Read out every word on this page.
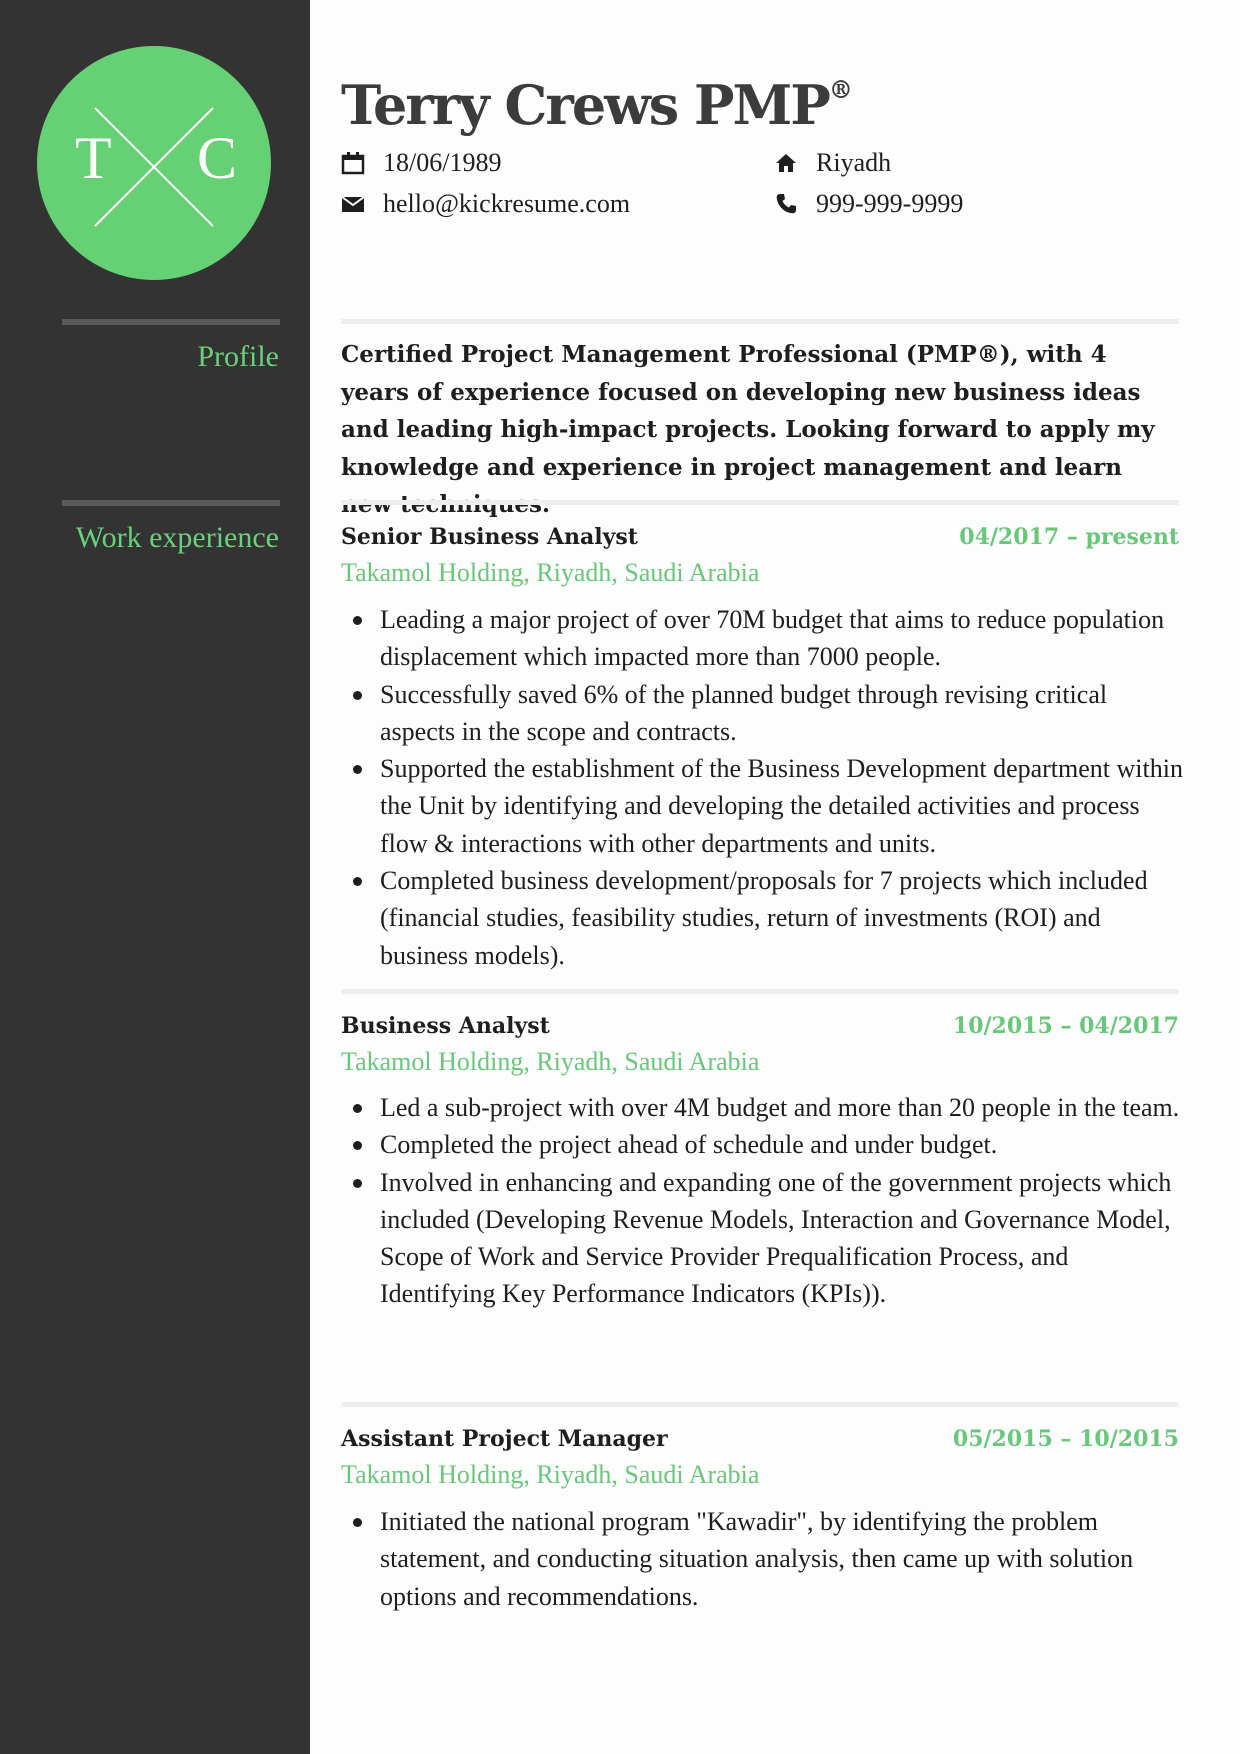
T C
Profile
Work experience
Terry Crews PMP®
18/06/1989
hello@kickresume.com
Riyadh
999-999-9999
Certified Project Management Professional (PMP®), with 4 years of experience focused on developing new business ideas and leading high-impact projects. Looking forward to apply my knowledge and experience in project management and learn
Senior Business Analyst	04/2017 – present
Takamol Holding, Riyadh, Saudi Arabia
Leading a major project of over 70M budget that aims to reduce population displacement which impacted more than 7000 people.
Successfully saved 6% of the planned budget through revising critical aspects in the scope and contracts.
Supported the establishment of the Business Development department within the Unit by identifying and developing the detailed activities and process flow & interactions with other departments and units.
Completed business development/proposals for 7 projects which included (financial studies, feasibility studies, return of investments (ROI) and business models).
Business Analyst	10/2015 – 04/2017
Takamol Holding, Riyadh, Saudi Arabia
Led a sub-project with over 4M budget and more than 20 people in the team.
Completed the project ahead of schedule and under budget.
Involved in enhancing and expanding one of the government projects which included (Developing Revenue Models, Interaction and Governance Model, Scope of Work and Service Provider Prequalification Process, and Identifying Key Performance Indicators (KPIs)).
Assistant Project Manager	05/2015 – 10/2015
Takamol Holding, Riyadh, Saudi Arabia
Initiated the national program "Kawadir", by identifying the problem statement, and conducting situation analysis, then came up with solution options and recommendations.
